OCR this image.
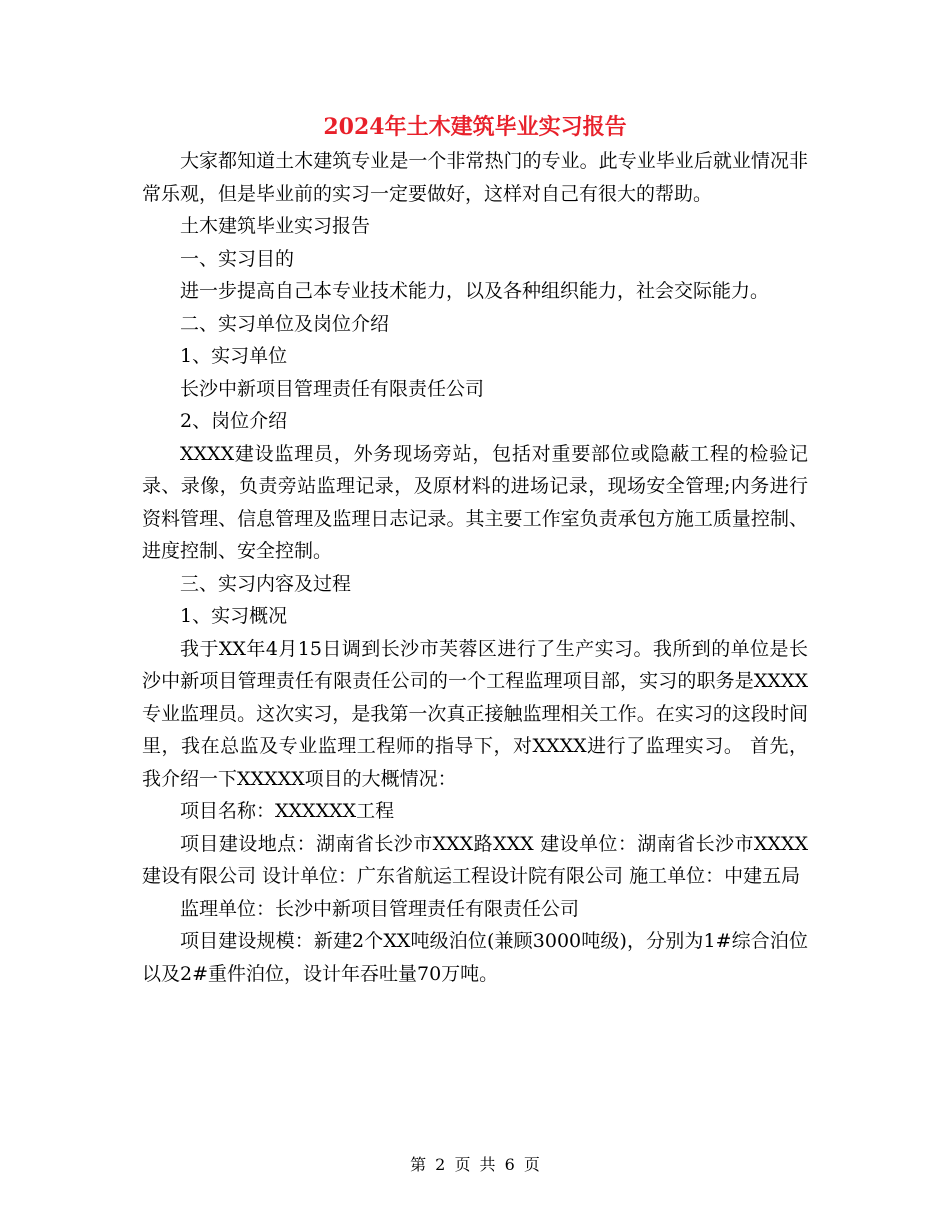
2024年土木建筑毕业实习报告

大家都知道土木建筑专业是一个非常热门的专业。此专业毕业后就业情况非常乐观，但是毕业前的实习一定要做好，这样对自己有很大的帮助。

土木建筑毕业实习报告

一、实习目的

进一步提高自己本专业技术能力，以及各种组织能力，社会交际能力。

二、实习单位及岗位介绍

1、实习单位

长沙中新项目管理责任有限责任公司

2、岗位介绍

XXXX建设监理员，外务现场旁站，包括对重要部位或隐蔽工程的检验记录、录像，负责旁站监理记录，及原材料的进场记录，现场安全管理;内务进行资料管理、信息管理及监理日志记录。其主要工作室负责承包方施工质量控制、进度控制、安全控制。

三、实习内容及过程

1、实习概况

我于XX年4月15日调到长沙市芙蓉区进行了生产实习。我所到的单位是长沙中新项目管理责任有限责任公司的一个工程监理项目部，实习的职务是XXXX专业监理员。这次实习，是我第一次真正接触监理相关工作。在实习的这段时间里，我在总监及专业监理工程师的指导下，对XXXX进行了监理实习。 首先，我介绍一下XXXXX项目的大概情况：

项目名称：XXXXXX工程

项目建设地点：湖南省长沙市XXX路XXX 建设单位：湖南省长沙市XXXX建设有限公司 设计单位：广东省航运工程设计院有限公司 施工单位：中建五局

监理单位：长沙中新项目管理责任有限责任公司

项目建设规模：新建2个XX吨级泊位(兼顾3000吨级)，分别为1#综合泊位以及2#重件泊位，设计年吞吐量70万吨。

第 2 页 共 6 页
